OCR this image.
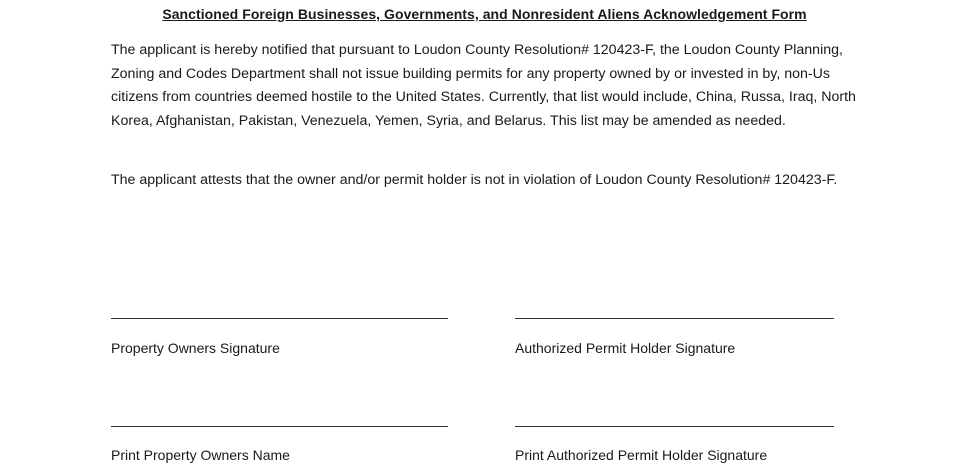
Sanctioned Foreign Businesses, Governments, and Nonresident Aliens Acknowledgement Form

The applicant is hereby notified that pursuant to Loudon County Resolution# 120423-F, the Loudon County Planning, Zoning and Codes Department shall not issue building permits for any property owned by or invested in by, non-Us citizens from countries deemed hostile to the United States. Currently, that list would include, China, Russa, Iraq, North Korea, Afghanistan, Pakistan, Venezuela, Yemen, Syria, and Belarus. This list may be amended as needed.

The applicant attests that the owner and/or permit holder is not in violation of Loudon County Resolution# 120423-F.

Property Owners Signature	Authorized Permit Holder Signature
Print Property Owners Name	Print Authorized Permit Holder Signature
